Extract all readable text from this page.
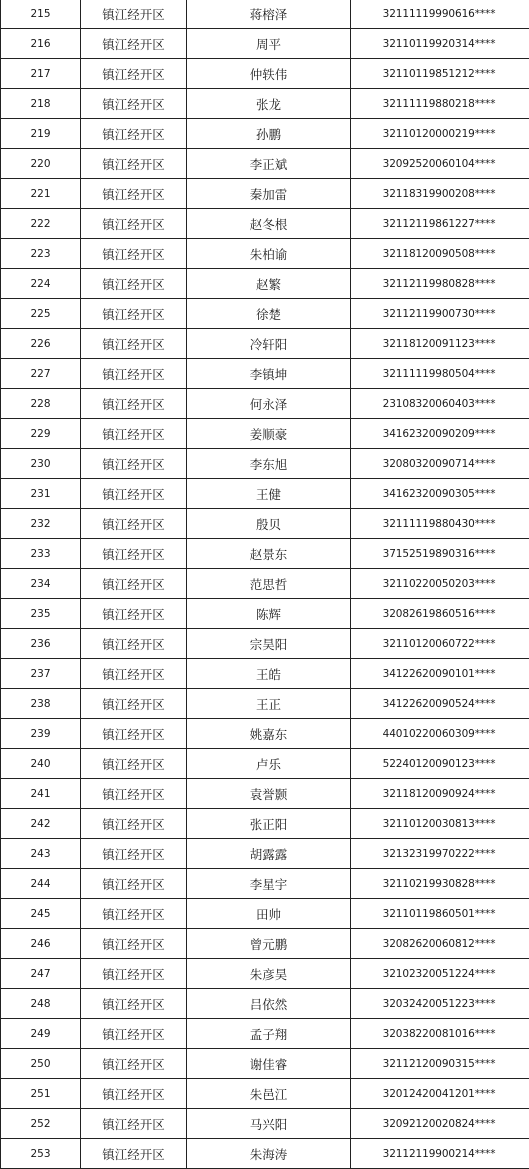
215	镇江经开区	蒋榕泽	32111119990616****
216	镇江经开区	周平	32110119920314****
217	镇江经开区	仲轶伟	32110119851212****
218	镇江经开区	张龙	32111119880218****
219	镇江经开区	孙鹏	32110120000219****
220	镇江经开区	李正斌	32092520060104****
221	镇江经开区	秦加雷	32118319900208****
222	镇江经开区	赵冬根	32112119861227****
223	镇江经开区	朱柏谕	32118120090508****
224	镇江经开区	赵繁	32112119980828****
225	镇江经开区	徐楚	32112119900730****
226	镇江经开区	冷轩阳	32118120091123****
227	镇江经开区	李镇坤	32111119980504****
228	镇江经开区	何永泽	23108320060403****
229	镇江经开区	姜顺豪	34162320090209****
230	镇江经开区	李东旭	32080320090714****
231	镇江经开区	王健	34162320090305****
232	镇江经开区	殷贝	32111119880430****
233	镇江经开区	赵景东	37152519890316****
234	镇江经开区	范思哲	32110220050203****
235	镇江经开区	陈辉	32082619860516****
236	镇江经开区	宗昊阳	32110120060722****
237	镇江经开区	王皓	34122620090101****
238	镇江经开区	王正	34122620090524****
239	镇江经开区	姚嘉东	44010220060309****
240	镇江经开区	卢乐	52240120090123****
241	镇江经开区	袁誉颢	32118120090924****
242	镇江经开区	张正阳	32110120030813****
243	镇江经开区	胡露露	32132319970222****
244	镇江经开区	李星宇	32110219930828****
245	镇江经开区	田帅	32110119860501****
246	镇江经开区	曾元鹏	32082620060812****
247	镇江经开区	朱彦昊	32102320051224****
248	镇江经开区	吕依然	32032420051223****
249	镇江经开区	孟子翔	32038220081016****
250	镇江经开区	谢佳睿	32112120090315****
251	镇江经开区	朱邑江	32012420041201****
252	镇江经开区	马兴阳	32092120020824****
253	镇江经开区	朱海涛	32112119900214****
